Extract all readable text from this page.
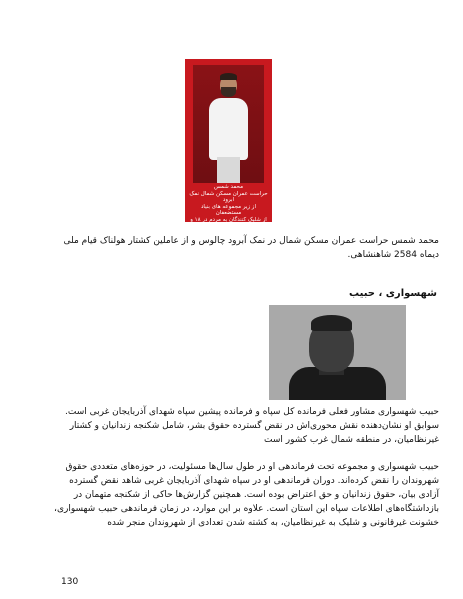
محمد شمس
حراست عمران مسکن شمال نمک ابرود
از زیر مجموعه های بنیاد مستضعفان
از شلیک کنندگان به مردم در ۱۸ و ۱۹
چالوس
محمد شمس حراست عمران مسکن شمال در نمک آبرود چالوس و از عاملین کشتار هولناک قیام ملی دیماه 2584 شاهنشاهی.
شهسواری ، حبیب
حبیب شهسواری مشاور فعلی فرمانده کل سپاه و فرمانده پیشین سپاه شهدای آذربایجان غربی است. سوابق او نشان‌دهنده نقش محوری‌اش در نقض گسترده حقوق بشر، شامل شکنجه زندانیان و کشتار غیرنظامیان، در منطقه شمال غرب کشور است
حبیب شهسواری و مجموعه تحت فرماندهی او در طول سال‌ها مسئولیت، در حوزه‌های متعددی حقوق شهروندان را نقض کرده‌اند. دوران فرماندهی او در سپاه شهدای آذربایجان غربی شاهد نقض گسترده آزادی بیان، حقوق زندانیان و حق اعتراض بوده است. همچنین گزارش‌ها حاکی از شکنجه متهمان در بازداشتگاه‌های اطلاعات سپاه این استان است. علاوه بر این موارد، در زمان فرماندهی حبیب شهسواری، خشونت غیرقانونی و شلیک به غیرنظامیان، به کشته شدن تعدادی از شهروندان منجر شده
130
